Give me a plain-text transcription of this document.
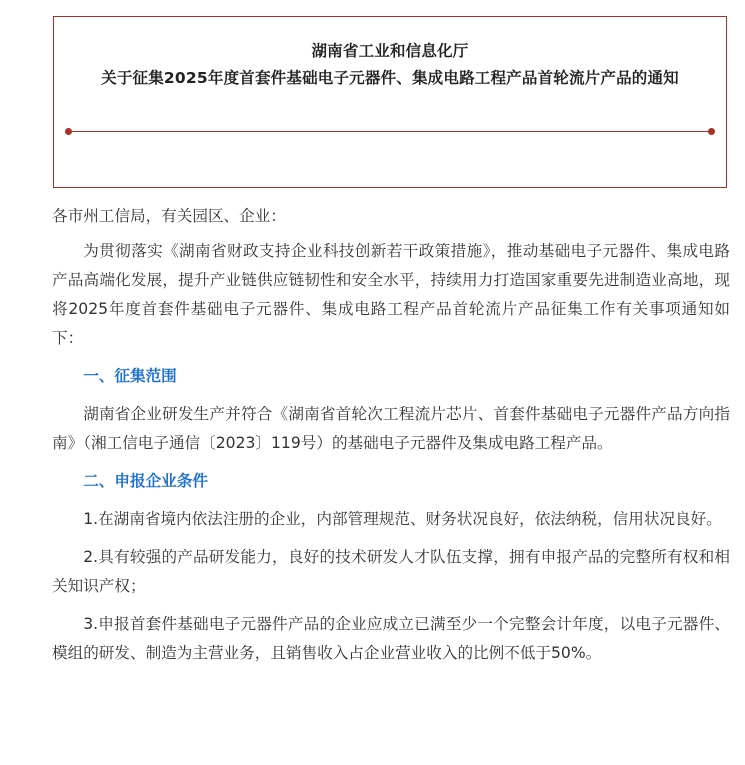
湖南省工业和信息化厅
关于征集2025年度首套件基础电子元器件、集成电路工程产品首轮流片产品的通知

各市州工信局，有关园区、企业：

为贯彻落实《湖南省财政支持企业科技创新若干政策措施》，推动基础电子元器件、集成电路产品高端化发展，提升产业链供应链韧性和安全水平，持续用力打造国家重要先进制造业高地，现将2025年度首套件基础电子元器件、集成电路工程产品首轮流片产品征集工作有关事项通知如下：

一、征集范围

湖南省企业研发生产并符合《湖南省首轮次工程流片芯片、首套件基础电子元器件产品方向指南》（湘工信电子通信〔2023〕119号）的基础电子元器件及集成电路工程产品。

二、申报企业条件

1.在湖南省境内依法注册的企业，内部管理规范、财务状况良好，依法纳税，信用状况良好。

2.具有较强的产品研发能力，良好的技术研发人才队伍支撑，拥有申报产品的完整所有权和相关知识产权；

3.申报首套件基础电子元器件产品的企业应成立已满至少一个完整会计年度，以电子元器件、模组的研发、制造为主营业务，且销售收入占企业营业收入的比例不低于50%。
